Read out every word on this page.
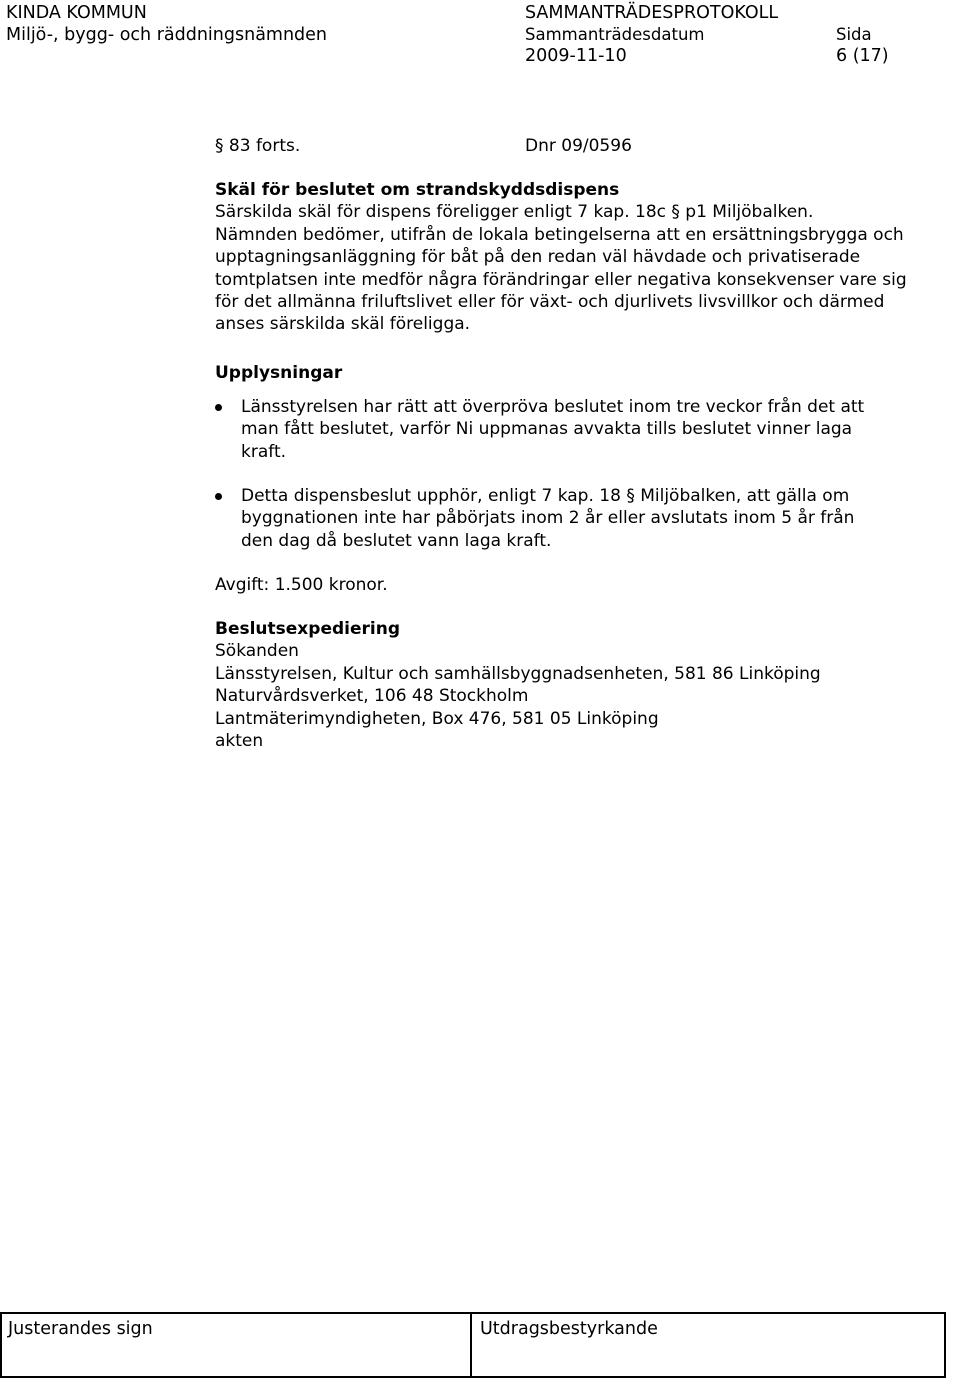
KINDA KOMMUN
Miljö-, bygg- och räddningsnämnden
SAMMANTRÄDESPROTOKOLL
Sammanträdesdatum
2009-11-10
Sida
6 (17)
§ 83 forts.	Dnr 09/0596
Skäl för beslutet om strandskyddsdispens
Särskilda skäl för dispens föreligger enligt 7 kap. 18c § p1 Miljöbalken.
Nämnden bedömer, utifrån de lokala betingelserna att en ersättningsbrygga och
upptagningsanläggning för båt på den redan väl hävdade och privatiserade
tomtplatsen inte medför några förändringar eller negativa konsekvenser vare sig
för det allmänna friluftslivet eller för växt- och djurlivets livsvillkor och därmed
anses särskilda skäl föreligga.
Upplysningar
Länsstyrelsen har rätt att överpröva beslutet inom tre veckor från det att
man fått beslutet, varför Ni uppmanas avvakta tills beslutet vinner laga
kraft.
Detta dispensbeslut upphör, enligt 7 kap. 18 § Miljöbalken, att gälla om
byggnationen inte har påbörjats inom 2 år eller avslutats inom 5 år från
den dag då beslutet vann laga kraft.
Avgift: 1.500 kronor.
Beslutsexpediering
Sökanden
Länsstyrelsen, Kultur och samhällsbyggnadsenheten, 581 86 Linköping
Naturvårdsverket, 106 48 Stockholm
Lantmäterimyndigheten, Box 476, 581 05 Linköping
akten
Justerandes sign	Utdragsbestyrkande
